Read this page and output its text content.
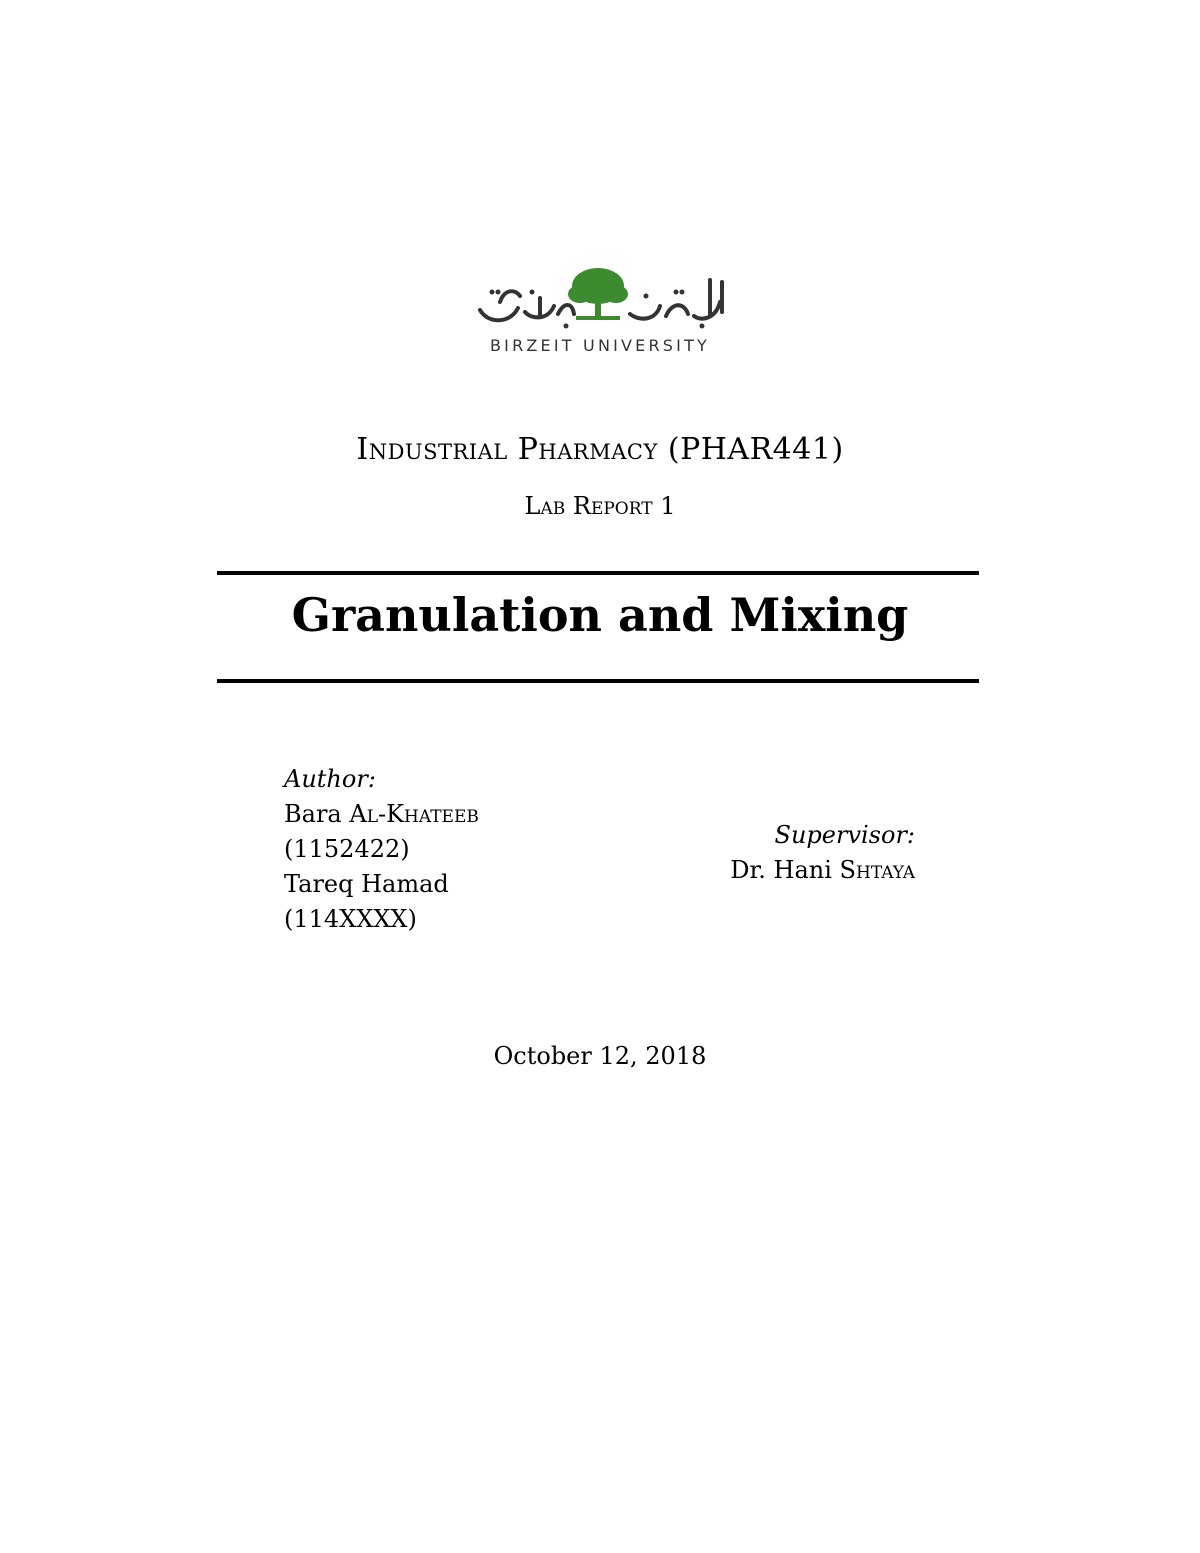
BIRZEIT UNIVERSITY
Industrial Pharmacy (PHAR441)
Lab Report 1
Granulation and Mixing
Author:
Bara Al-Khateeb
(1152422)
Tareq Hamad
(114XXXX)
Supervisor:
Dr. Hani Shtaya
October 12, 2018
